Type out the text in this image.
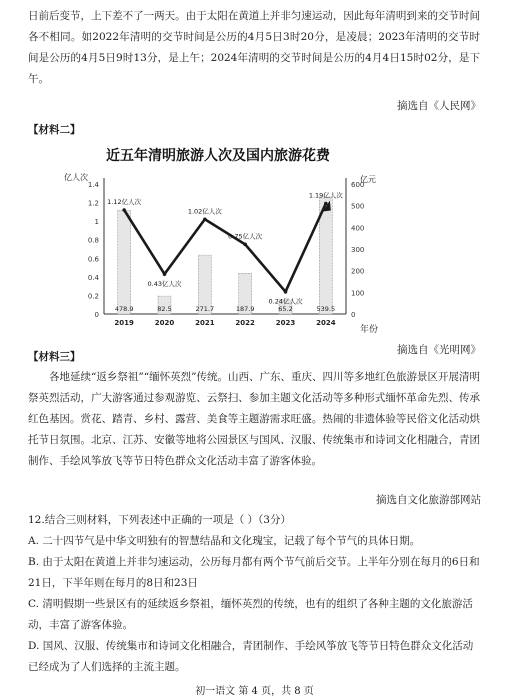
日前后变节，上下差不了一两天。由于太阳在黄道上并非匀速运动，因此每年清明到来的交节时间各不相同。如2022年清明的交节时间是公历的4月5日3时20分，是凌晨；2023年清明的交节时间是公历的4月5日9时13分，是上午；2024年清明的交节时间是公历的4月4日15时02分，是下午。

摘选自《人民网》
【材料二】
近五年清明旅游人次及国内旅游花费
亿人次	亿元
年份
0
0.2
0.4
0.6
0.8
1
1.2
1.4
0
100
200
300
400
500
600
478.9
2019
82.5
2020
271.7
2021
187.9
2022
65.2
2023
539.5
2024
1.12亿人次
0.43亿人次
1.02亿人次
0.75亿人次
0.24亿人次
1.19亿人次
摘选自《光明网》
【材料三】

各地延续“返乡祭祖”“缅怀英烈”传统。山西、广东、重庆、四川等多地红色旅游景区开展清明祭英烈活动，广大游客通过参观游览、云祭扫、参加主题文化活动等多种形式缅怀革命先烈、传承红色基因。赏花、踏青、乡村、露营、美食等主题游需求旺盛。热闹的非遗体验等民俗文化活动烘托节日氛围。北京、江苏、安徽等地将公园景区与国风、汉服、传统集市和诗词文化相融合，青团制作、手绘风筝放飞等节日特色群众文化活动丰富了游客体验。

摘选自文化旅游部网站

12.结合三则材料，下列表述中正确的一项是（ ）（3分）

A. 二十四节气是中华文明独有的智慧结晶和文化瑰宝，记载了每个节气的具体日期。

B. 由于太阳在黄道上并非匀速运动，公历每月都有两个节气前后交节。上半年分别在每月的6日和21日，下半年则在每月的8日和23日

C. 清明假期一些景区有的延续返乡祭祖，缅怀英烈的传统，也有的组织了各种主题的文化旅游活动，丰富了游客体验。

D. 国风、汉服、传统集市和诗词文化相融合，青团制作、手绘风筝放飞等节日特色群众文化活动已经成为了人们选择的主流主题。

初一语文 第 4 页，共 8 页
